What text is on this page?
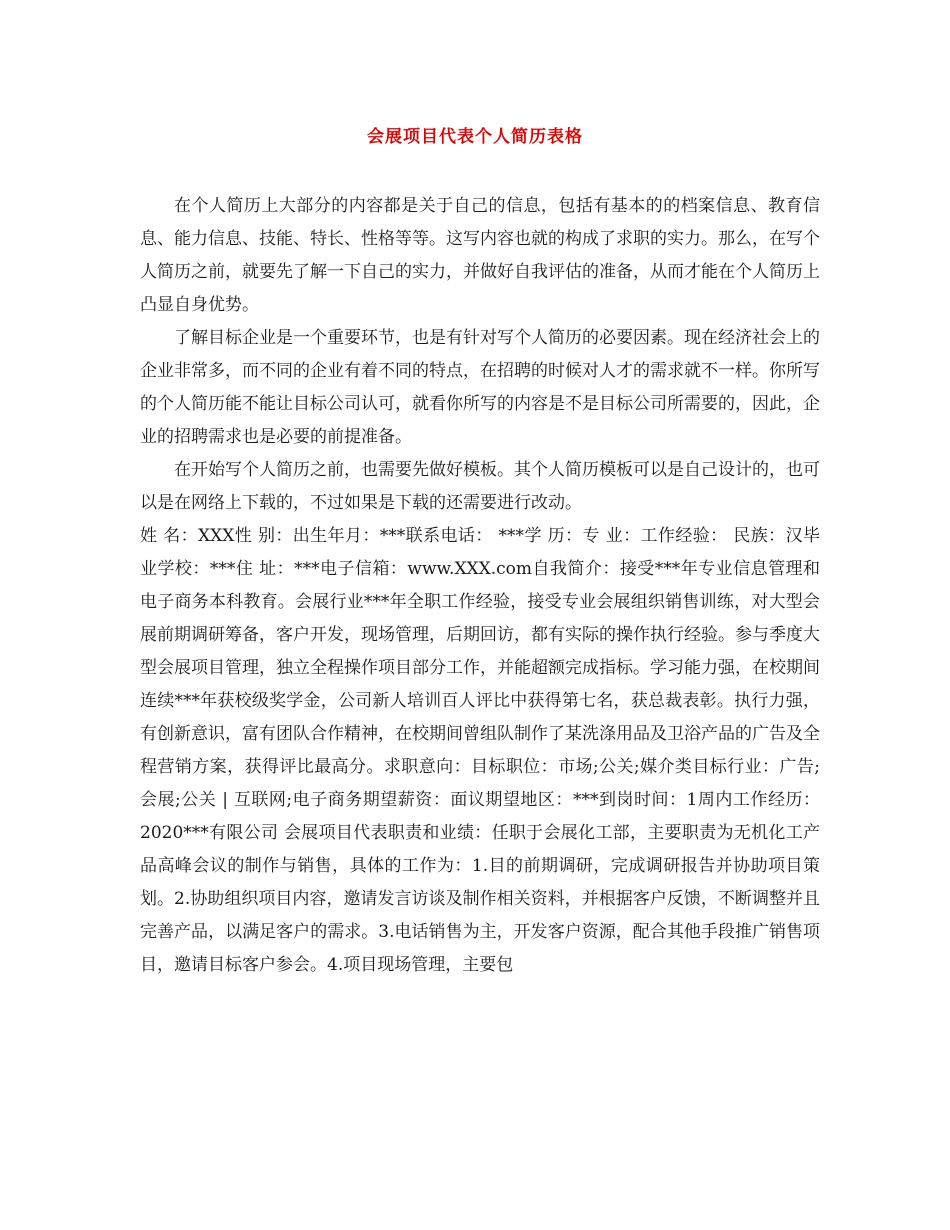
会展项目代表个人简历表格

在个人简历上大部分的内容都是关于自己的信息，包括有基本的的档案信息、教育信息、能力信息、技能、特长、性格等等。这写内容也就的构成了求职的实力。那么，在写个人简历之前，就要先了解一下自己的实力，并做好自我评估的准备，从而才能在个人简历上凸显自身优势。

了解目标企业是一个重要环节，也是有针对写个人简历的必要因素。现在经济社会上的企业非常多，而不同的企业有着不同的特点，在招聘的时候对人才的需求就不一样。你所写的个人简历能不能让目标公司认可，就看你所写的内容是不是目标公司所需要的，因此，企业的招聘需求也是必要的前提准备。

在开始写个人简历之前，也需要先做好模板。其个人简历模板可以是自己设计的，也可以是在网络上下载的，不过如果是下载的还需要进行改动。

姓 名：XXX性 别：出生年月：***联系电话： ***学 历：专 业：工作经验： 民族：汉毕业学校：***住 址：***电子信箱：www.XXX.com自我简介：接受***年专业信息管理和电子商务本科教育。会展行业***年全职工作经验，接受专业会展组织销售训练，对大型会展前期调研筹备，客户开发，现场管理，后期回访，都有实际的操作执行经验。参与季度大型会展项目管理，独立全程操作项目部分工作，并能超额完成指标。学习能力强，在校期间连续***年获校级奖学金，公司新人培训百人评比中获得第七名，获总裁表彰。执行力强，有创新意识，富有团队合作精神，在校期间曾组队制作了某洗涤用品及卫浴产品的广告及全程营销方案，获得评比最高分。求职意向：目标职位：市场;公关;媒介类目标行业：广告;会展;公关 | 互联网;电子商务期望薪资：面议期望地区：***到岗时间：1周内工作经历：2020***有限公司 会展项目代表职责和业绩：任职于会展化工部，主要职责为无机化工产品高峰会议的制作与销售，具体的工作为：1.目的前期调研，完成调研报告并协助项目策划。2.协助组织项目内容，邀请发言访谈及制作相关资料，并根据客户反馈，不断调整并且完善产品，以满足客户的需求。3.电话销售为主，开发客户资源，配合其他手段推广销售项目，邀请目标客户参会。4.项目现场管理，主要包
